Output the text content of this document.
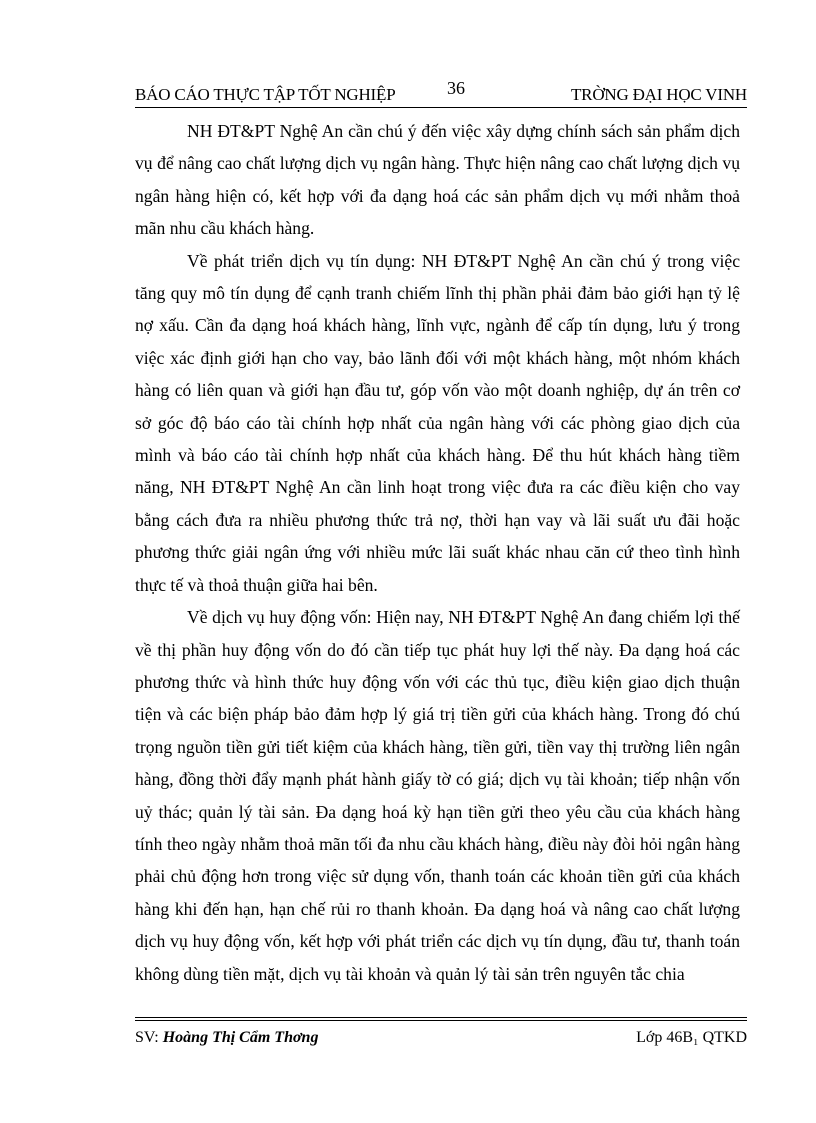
BÁO CÁO THỰC TẬP TỐT NGHIỆP	36	TRỜNG ĐẠI HỌC VINH

NH ĐT&PT Nghệ An cần chú ý đến việc xây dựng chính sách sản phẩm dịch vụ để nâng cao chất lượng dịch vụ ngân hàng. Thực hiện nâng cao chất lượng dịch vụ ngân hàng hiện có, kết hợp với đa dạng hoá các sản phẩm dịch vụ mới nhằm thoả mãn nhu cầu khách hàng.

Về phát triển dịch vụ tín dụng: NH ĐT&PT Nghệ An cần chú ý trong việc tăng quy mô tín dụng để cạnh tranh chiếm lĩnh thị phần phải đảm bảo giới hạn tỷ lệ nợ xấu. Cần đa dạng hoá khách hàng, lĩnh vực, ngành để cấp tín dụng, lưu ý trong việc xác định giới hạn cho vay, bảo lãnh đối với một khách hàng, một nhóm khách hàng có liên quan và giới hạn đầu tư, góp vốn vào một doanh nghiệp, dự án trên cơ sở góc độ báo cáo tài chính hợp nhất của ngân hàng với các phòng giao dịch của mình và báo cáo tài chính hợp nhất của khách hàng. Để thu hút khách hàng tiềm năng, NH ĐT&PT Nghệ An cần linh hoạt trong việc đưa ra các điều kiện cho vay bằng cách đưa ra nhiều phương thức trả nợ, thời hạn vay và lãi suất ưu đãi hoặc phương thức giải ngân ứng với nhiều mức lãi suất khác nhau căn cứ theo tình hình thực tế và thoả thuận giữa hai bên.

Về dịch vụ huy động vốn: Hiện nay, NH ĐT&PT Nghệ An đang chiếm lợi thế về thị phần huy động vốn do đó cần tiếp tục phát huy lợi thế này. Đa dạng hoá các phương thức và hình thức huy động vốn với các thủ tục, điều kiện giao dịch thuận tiện và các biện pháp bảo đảm hợp lý giá trị tiền gửi của khách hàng. Trong đó chú trọng nguồn tiền gửi tiết kiệm của khách hàng, tiền gửi, tiền vay thị trường liên ngân hàng, đồng thời đẩy mạnh phát hành giấy tờ có giá; dịch vụ tài khoản; tiếp nhận vốn uỷ thác; quản lý tài sản. Đa dạng hoá kỳ hạn tiền gửi theo yêu cầu của khách hàng tính theo ngày nhằm thoả mãn tối đa nhu cầu khách hàng, điều này đòi hỏi ngân hàng phải chủ động hơn trong việc sử dụng vốn, thanh toán các khoản tiền gửi của khách hàng khi đến hạn, hạn chế rủi ro thanh khoản. Đa dạng hoá và nâng cao chất lượng dịch vụ huy động vốn, kết hợp với phát triển các dịch vụ tín dụng, đầu tư, thanh toán không dùng tiền mặt, dịch vụ tài khoản và quản lý tài sản trên nguyên tắc chia

SV: Hoàng Thị Cẩm Thơng	Lớp 46B₁ QTKD
